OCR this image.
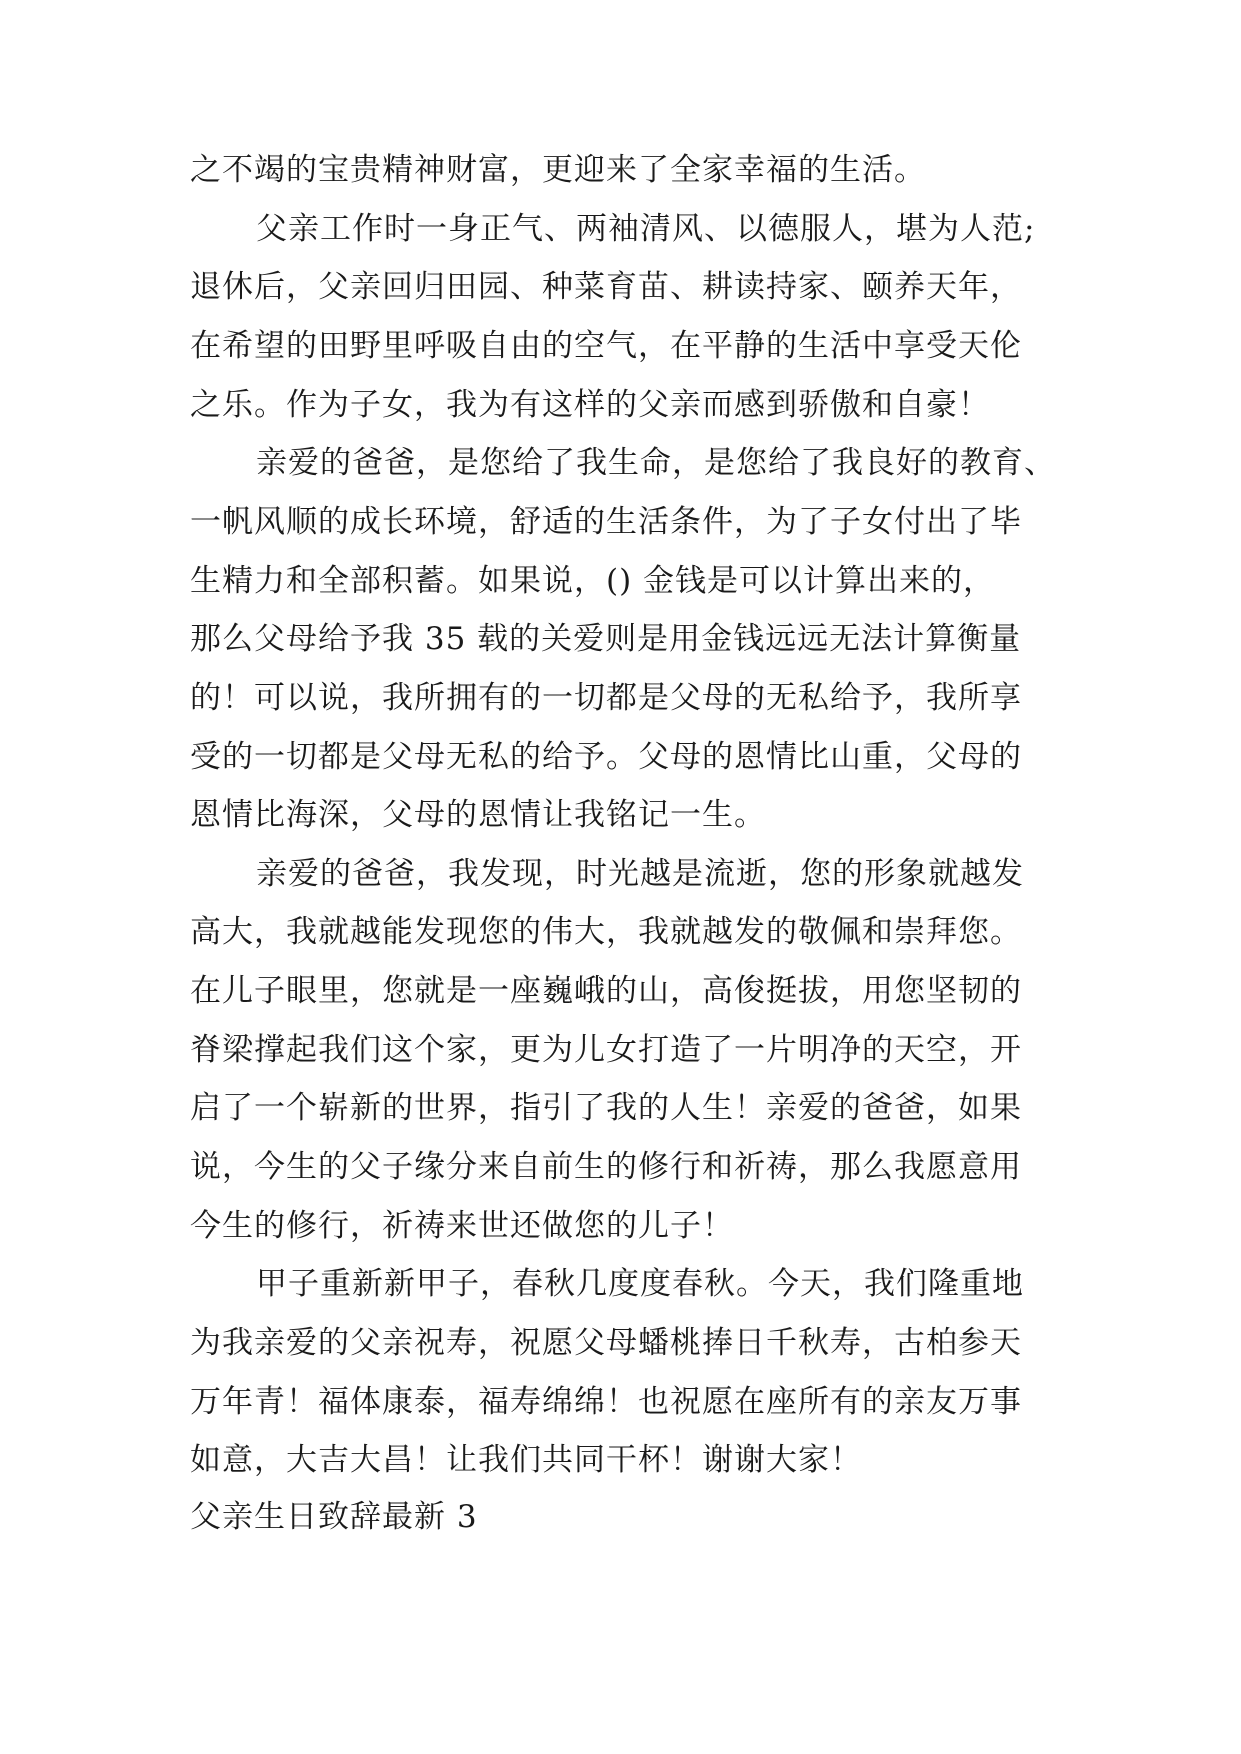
之不竭的宝贵精神财富，更迎来了全家幸福的生活。
父亲工作时一身正气、两袖清风、以德服人，堪为人范;
退休后，父亲回归田园、种菜育苗、耕读持家、颐养天年，
在希望的田野里呼吸自由的空气，在平静的生活中享受天伦
之乐。作为子女，我为有这样的父亲而感到骄傲和自豪！
亲爱的爸爸，是您给了我生命，是您给了我良好的教育、
一帆风顺的成长环境，舒适的生活条件，为了子女付出了毕
生精力和全部积蓄。如果说，() 金钱是可以计算出来的，
那么父母给予我 35 载的关爱则是用金钱远远无法计算衡量
的！可以说，我所拥有的一切都是父母的无私给予，我所享
受的一切都是父母无私的给予。父母的恩情比山重，父母的
恩情比海深，父母的恩情让我铭记一生。
亲爱的爸爸，我发现，时光越是流逝，您的形象就越发
高大，我就越能发现您的伟大，我就越发的敬佩和崇拜您。
在儿子眼里，您就是一座巍峨的山，高俊挺拔，用您坚韧的
脊梁撑起我们这个家，更为儿女打造了一片明净的天空，开
启了一个崭新的世界，指引了我的人生！亲爱的爸爸，如果
说，今生的父子缘分来自前生的修行和祈祷，那么我愿意用
今生的修行，祈祷来世还做您的儿子！
甲子重新新甲子，春秋几度度春秋。今天，我们隆重地
为我亲爱的父亲祝寿，祝愿父母蟠桃捧日千秋寿，古柏参天
万年青！福体康泰，福寿绵绵！也祝愿在座所有的亲友万事
如意，大吉大昌！让我们共同干杯！谢谢大家！
父亲生日致辞最新 3
